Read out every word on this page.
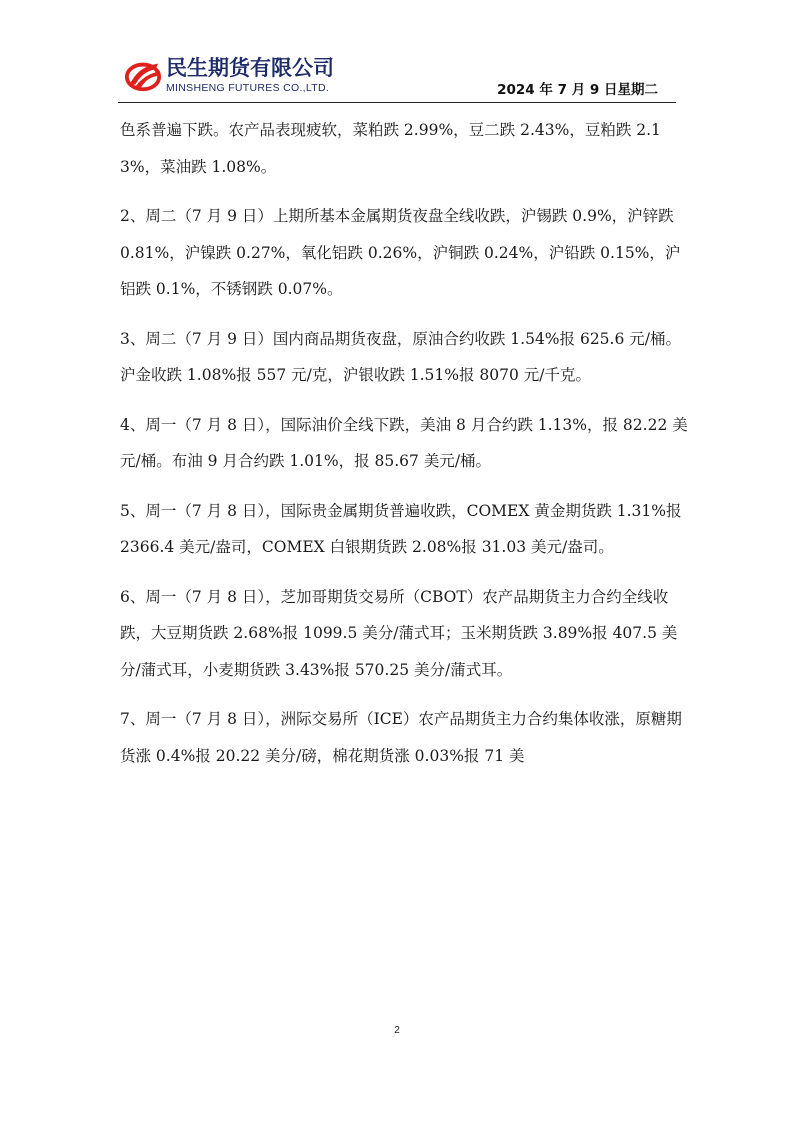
民生期货有限公司
MINSHENG FUTURES CO.,LTD.	2024 年 7 月 9 日星期二

色系普遍下跌。农产品表现疲软，菜粕跌 2.99%，豆二跌 2.43%，豆粕跌 2.13%，菜油跌 1.08%。

2、周二（7 月 9 日）上期所基本金属期货夜盘全线收跌，沪锡跌 0.9%，沪锌跌 0.81%，沪镍跌 0.27%，氧化铝跌 0.26%，沪铜跌 0.24%，沪铅跌 0.15%，沪铝跌 0.1%，不锈钢跌 0.07%。

3、周二（7 月 9 日）国内商品期货夜盘，原油合约收跌 1.54%报 625.6 元/桶。沪金收跌 1.08%报 557 元/克，沪银收跌 1.51%报 8070 元/千克。

4、周一（7 月 8 日），国际油价全线下跌，美油 8 月合约跌 1.13%，报 82.22 美元/桶。布油 9 月合约跌 1.01%，报 85.67 美元/桶。

5、周一（7 月 8 日），国际贵金属期货普遍收跌，COMEX 黄金期货跌 1.31%报 2366.4 美元/盎司，COMEX 白银期货跌 2.08%报 31.03 美元/盎司。

6、周一（7 月 8 日），芝加哥期货交易所（CBOT）农产品期货主力合约全线收跌，大豆期货跌 2.68%报 1099.5 美分/蒲式耳；玉米期货跌 3.89%报 407.5 美分/蒲式耳，小麦期货跌 3.43%报 570.25 美分/蒲式耳。

7、周一（7 月 8 日），洲际交易所（ICE）农产品期货主力合约集体收涨，原糖期货涨 0.4%报 20.22 美分/磅，棉花期货涨 0.03%报 71 美

2
